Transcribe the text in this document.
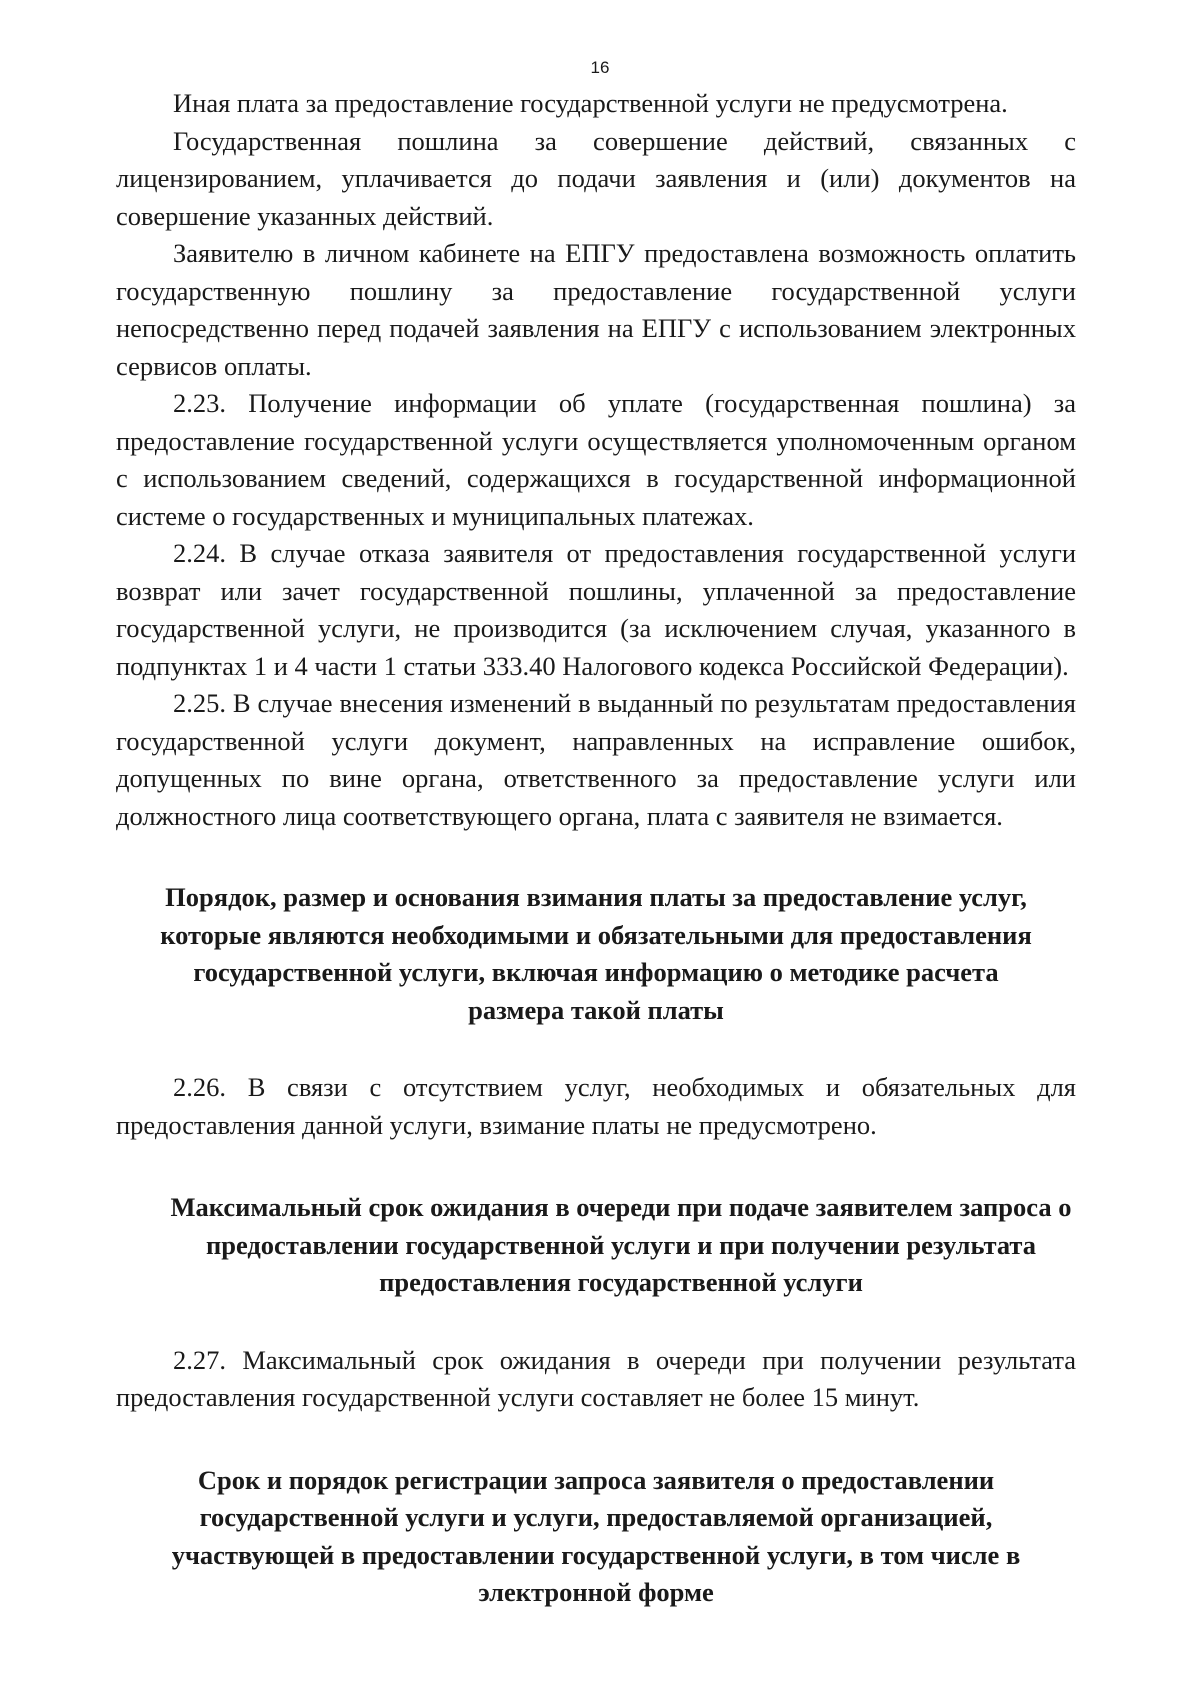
16

Иная плата за предоставление государственной услуги не предусмотрена.

Государственная пошлина за совершение действий, связанных с лицензированием, уплачивается до подачи заявления и (или) документов на совершение указанных действий.

Заявителю в личном кабинете на ЕПГУ предоставлена возможность оплатить государственную пошлину за предоставление государственной услуги непосредственно перед подачей заявления на ЕПГУ с использованием электронных сервисов оплаты.

2.23. Получение информации об уплате (государственная пошлина) за предоставление государственной услуги осуществляется уполномоченным органом с использованием сведений, содержащихся в государственной информационной системе о государственных и муниципальных платежах.

2.24. В случае отказа заявителя от предоставления государственной услуги возврат или зачет государственной пошлины, уплаченной за предоставление государственной услуги, не производится (за исключением случая, указанного в подпунктах 1 и 4 части 1 статьи 333.40 Налогового кодекса Российской Федерации).

2.25. В случае внесения изменений в выданный по результатам предоставления государственной услуги документ, направленных на исправление ошибок, допущенных по вине органа, ответственного за предоставление услуги или должностного лица соответствующего органа, плата с заявителя не взимается.

Порядок, размер и основания взимания платы за предоставление услуг, которые являются необходимыми и обязательными для предоставления государственной услуги, включая информацию о методике расчета размера такой платы

2.26. В связи с отсутствием услуг, необходимых и обязательных для предоставления данной услуги, взимание платы не предусмотрено.

Максимальный срок ожидания в очереди при подаче заявителем запроса о предоставлении государственной услуги и при получении результата предоставления государственной услуги

2.27. Максимальный срок ожидания в очереди при получении результата предоставления государственной услуги составляет не более 15 минут.

Срок и порядок регистрации запроса заявителя о предоставлении государственной услуги и услуги, предоставляемой организацией, участвующей в предоставлении государственной услуги, в том числе в электронной форме
